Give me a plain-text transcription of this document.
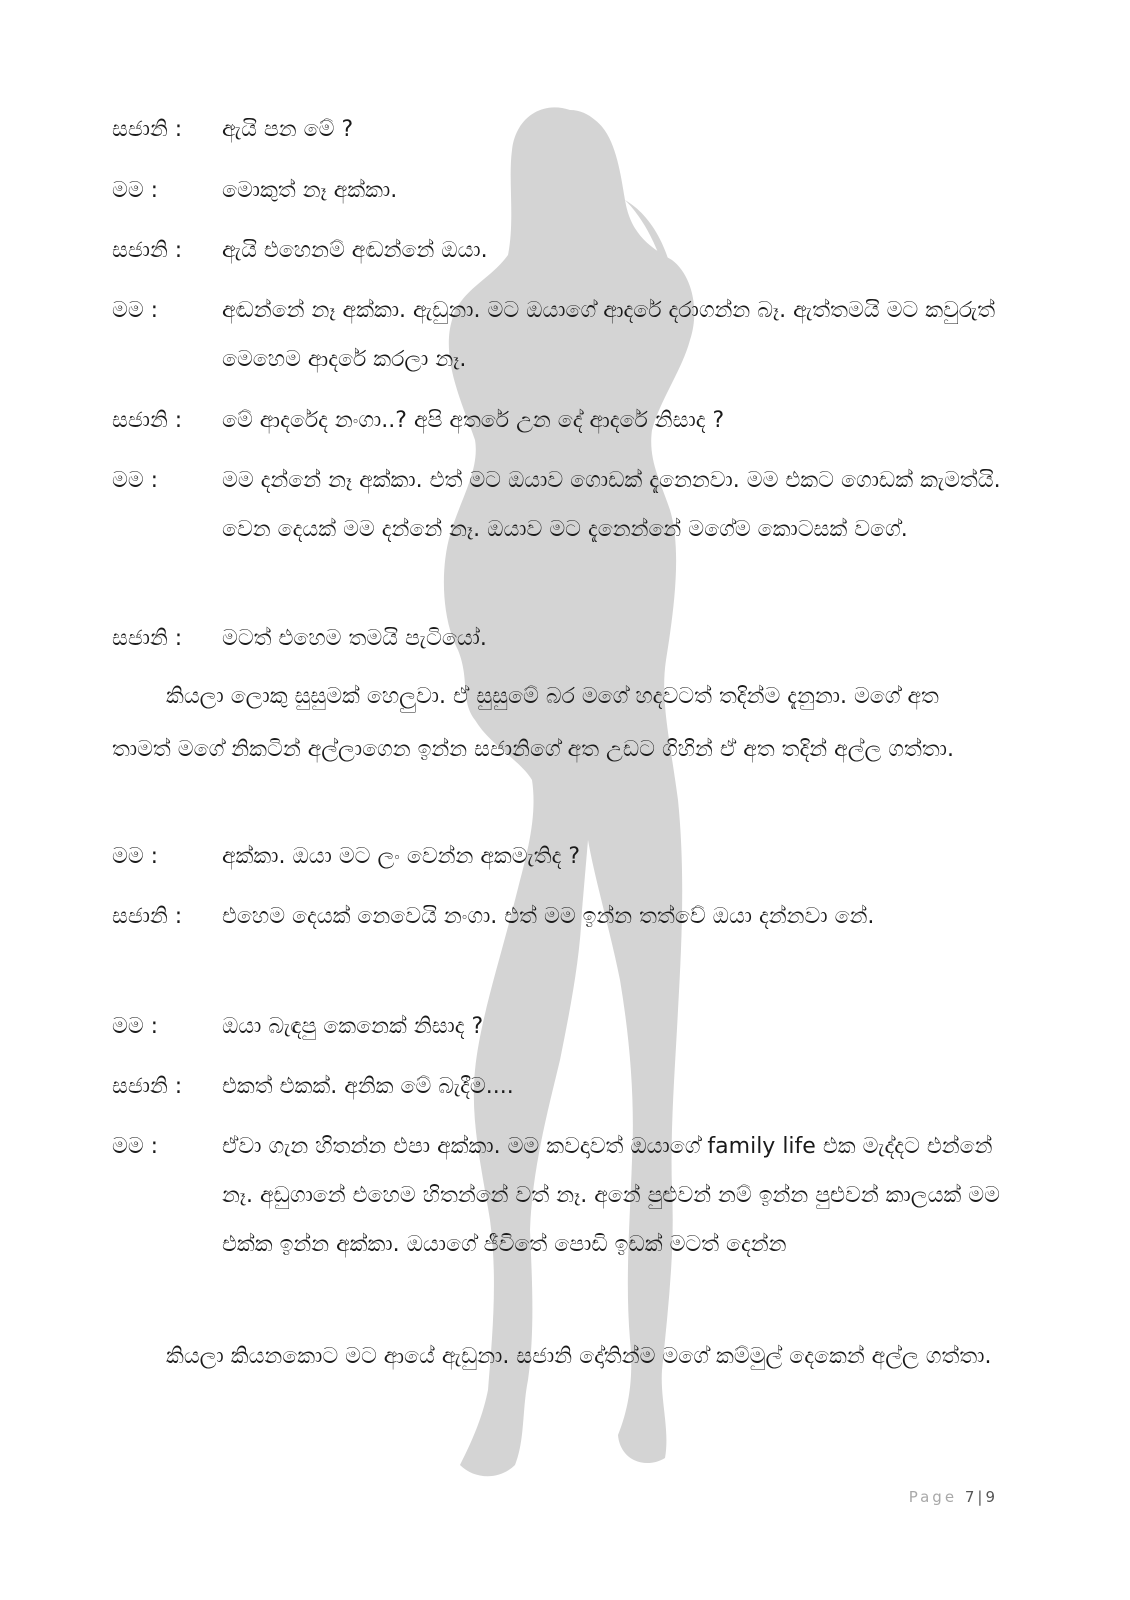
සජානි :	ඇයි පන මේ ?
මම :	මොකුත් නෑ අක්කා.
සජානි :	ඇයි එහෙනම් අඬන්නේ ඔයා.
මම :	අඬන්නේ නෑ අක්කා. ඇඩුනා. මට ඔයාගේ ආදරේ දරාගන්න බෑ. ඇත්තමයි මට කවුරුත් මෙහෙම ආදරේ කරලා නෑ.
සජානි :	මේ ආදරේද නංගා..? අපි අතරේ උන දේ ආදරේ නිසාද ?
මම :	මම දන්නේ නෑ අක්කා. එත් මට ඔයාව ගොඩක් දැනෙනවා. මම එකට ගොඩක් කැමත්යි. වෙන දෙයක් මම දන්නේ නෑ. ඔයාව මට දැනෙන්නේ මගේම කොටසක් වගේ.
සජානි :	මටත් එහෙම තමයි පැටියෝ.
කියලා ලොකු සුසුමක් හෙලුවා. ඒ සුසුමේ බර මගේ හදවටත් තදින්ම දැනුනා. මගේ අත තාමත් මගේ නිකටින් අල්ලාගෙන ඉන්න සජානිගේ අත උඩට ගිහින් ඒ අත තදින් අල්ල ගත්තා.
මම :	අක්කා. ඔයා මට ලං වෙන්න අකමැතිද ?
සජානි :	එහෙම දෙයක් නෙවෙයි නංගා. එත් මම ඉන්න තත්වේ ඔයා දන්නවා නේ.
මම :	ඔයා බැඳපු කෙනෙක් නිසාද ?
සජානි :	එකත් එකක්. අනික මේ බැදීම....
මම :	ඒවා ගැන හිතන්න එපා අක්කා. මම කවදාවත් ඔයාගේ family life එක මැද්දට එන්නේ නෑ. අඩුගානේ එහෙම හිතන්නේ වත් නෑ. අනේ පුළුවන් නම් ඉන්න පුළුවන් කාලයක් මම එක්ක ඉන්න අක්කා. ඔයාගේ ජීවිතේ පොඩි ඉඩක් මටත් දෙන්න
කියලා කියනකොට මට ආයේ ඇඩුනා. සජානි දෝතින්ම මගේ කම්මුල් දෙකෙන් අල්ල ගත්තා.
Page 7|9
